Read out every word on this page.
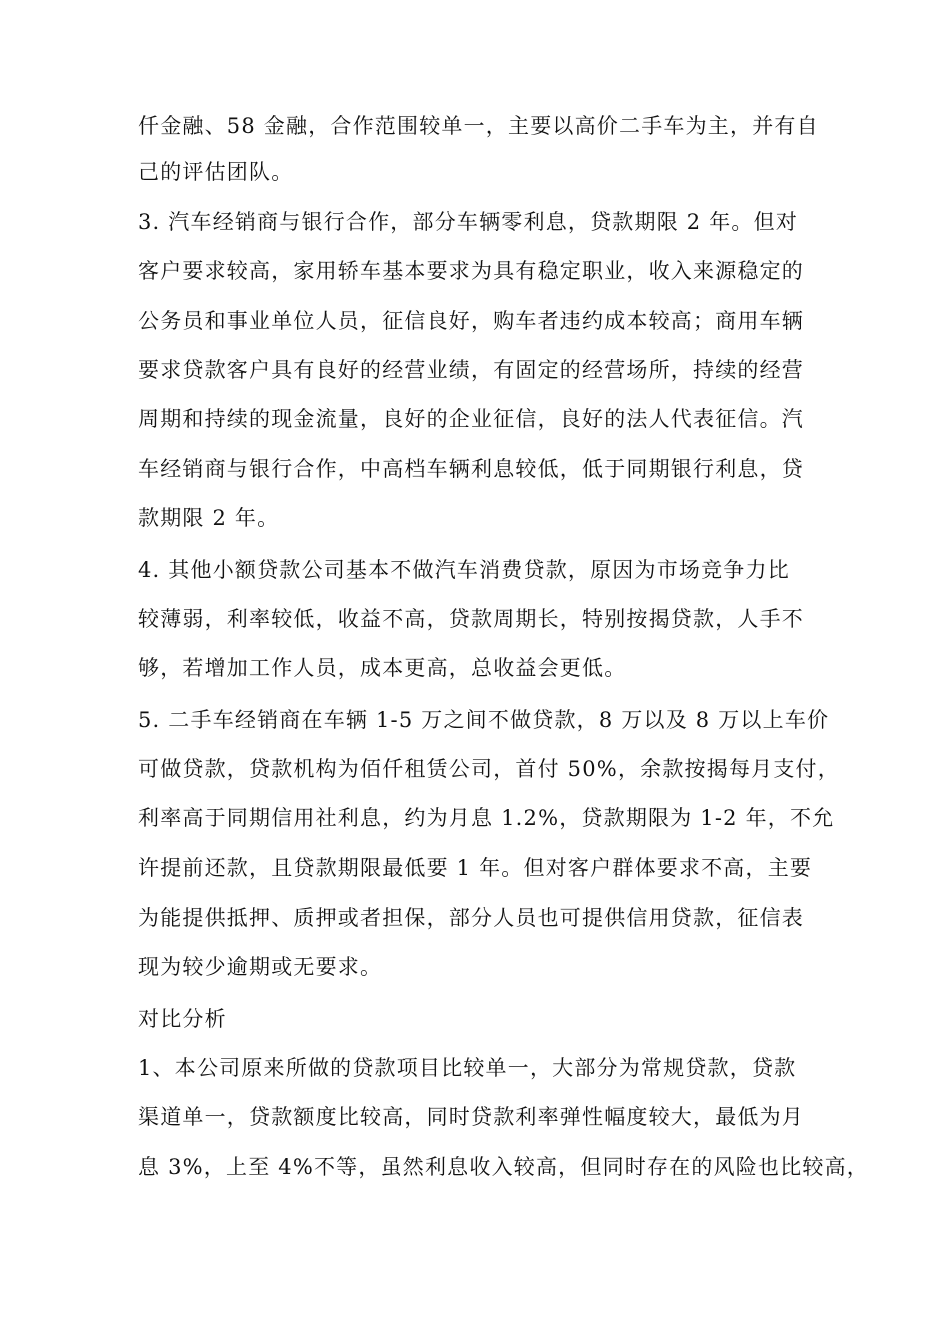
仟金融、58 金融，合作范围较单一，主要以高价二手车为主，并有自
己的评估团队。
3. 汽车经销商与银行合作，部分车辆零利息，贷款期限 2 年。但对
客户要求较高，家用轿车基本要求为具有稳定职业，收入来源稳定的
公务员和事业单位人员，征信良好，购车者违约成本较高；商用车辆
要求贷款客户具有良好的经营业绩，有固定的经营场所，持续的经营
周期和持续的现金流量，良好的企业征信，良好的法人代表征信。汽
车经销商与银行合作，中高档车辆利息较低，低于同期银行利息，贷
款期限 2 年。
4. 其他小额贷款公司基本不做汽车消费贷款，原因为市场竞争力比
较薄弱，利率较低，收益不高，贷款周期长，特别按揭贷款，人手不
够，若增加工作人员，成本更高，总收益会更低。
5. 二手车经销商在车辆 1-5 万之间不做贷款，8 万以及 8 万以上车价
可做贷款，贷款机构为佰仟租赁公司，首付 50%，余款按揭每月支付，
利率高于同期信用社利息，约为月息 1.2%，贷款期限为 1-2 年，不允
许提前还款，且贷款期限最低要 1 年。但对客户群体要求不高，主要
为能提供抵押、质押或者担保，部分人员也可提供信用贷款，征信表
现为较少逾期或无要求。
对比分析
1、本公司原来所做的贷款项目比较单一，大部分为常规贷款，贷款
渠道单一，贷款额度比较高，同时贷款利率弹性幅度较大，最低为月
息 3%，上至 4%不等，虽然利息收入较高，但同时存在的风险也比较高，
